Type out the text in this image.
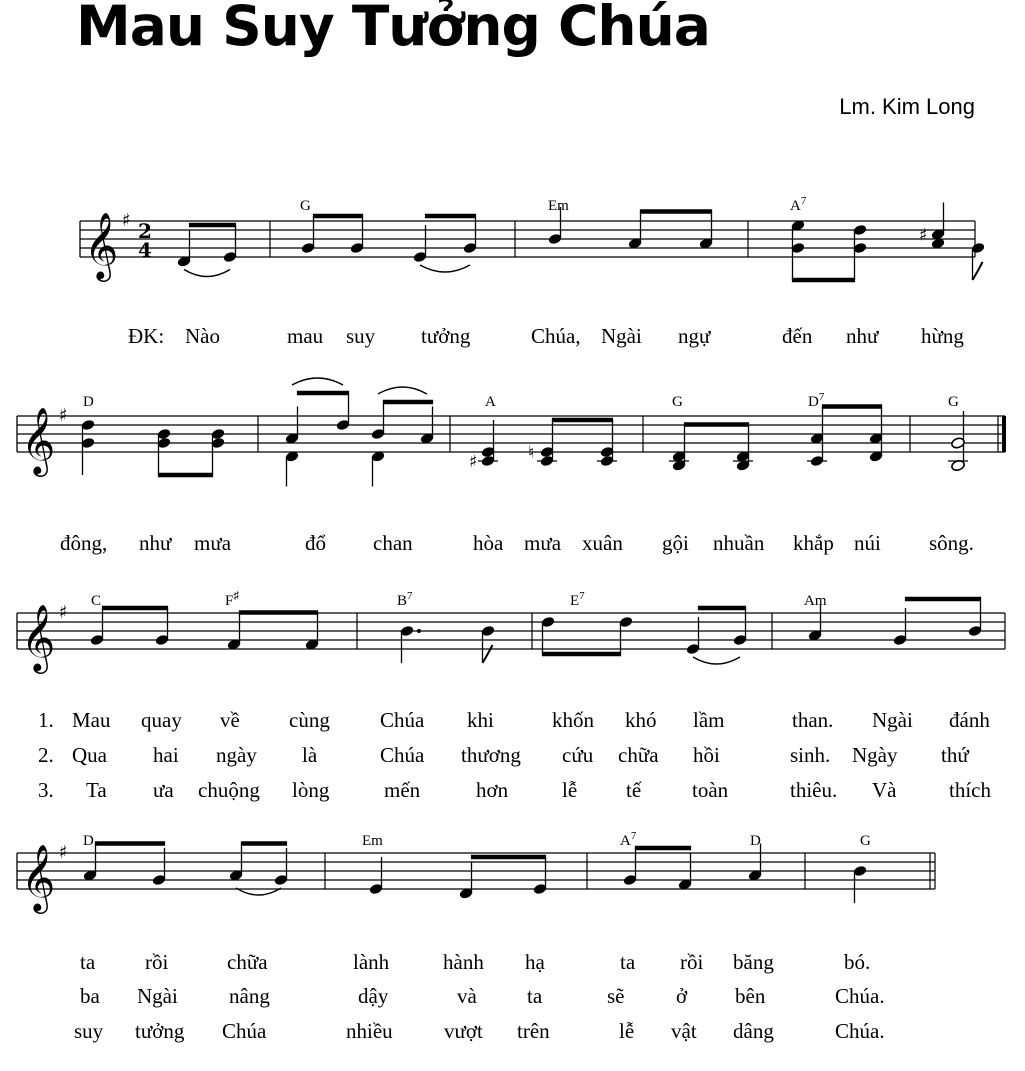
Mau Suy Tưởng Chúa
Lm. Kim Long
2
4
G	Em	$A^7$
ĐK: Nào	mau suy tưởng	Chúa, Ngài ngự	đến như hừng
♯
𝄞 ♯
D	A	G	$D^7$	G
đông, như mưa	đổ chan	hòa mưa xuân gội nhuần khắp núi sông.
♯	♮
𝄞 ♯
C	F♯	$B^7$	$E^7$	Am
1.
2.
3.
Mau quay về cùng Chúa khi	khốn khó lầm	than. Ngài đánh
Qua hai ngày là	Chúa thương cứu chữa hồi	sinh. Ngày thứ
Ta ưa chuộng lòng	mến	hơn	lễ tế toàn	thiêu. Và	thích
𝄞 ♯
D	Em	$A^7$	D	G
ta rồi	chữa	lành	hành hạ	ta rồi băng	bó.
ba Ngài nâng	dậy	và ta	sẽ ở bên	Chúa.
suy tưởng Chúa	nhiều vượt trên	lễ vật dâng	Chúa.
𝄞 ♯
